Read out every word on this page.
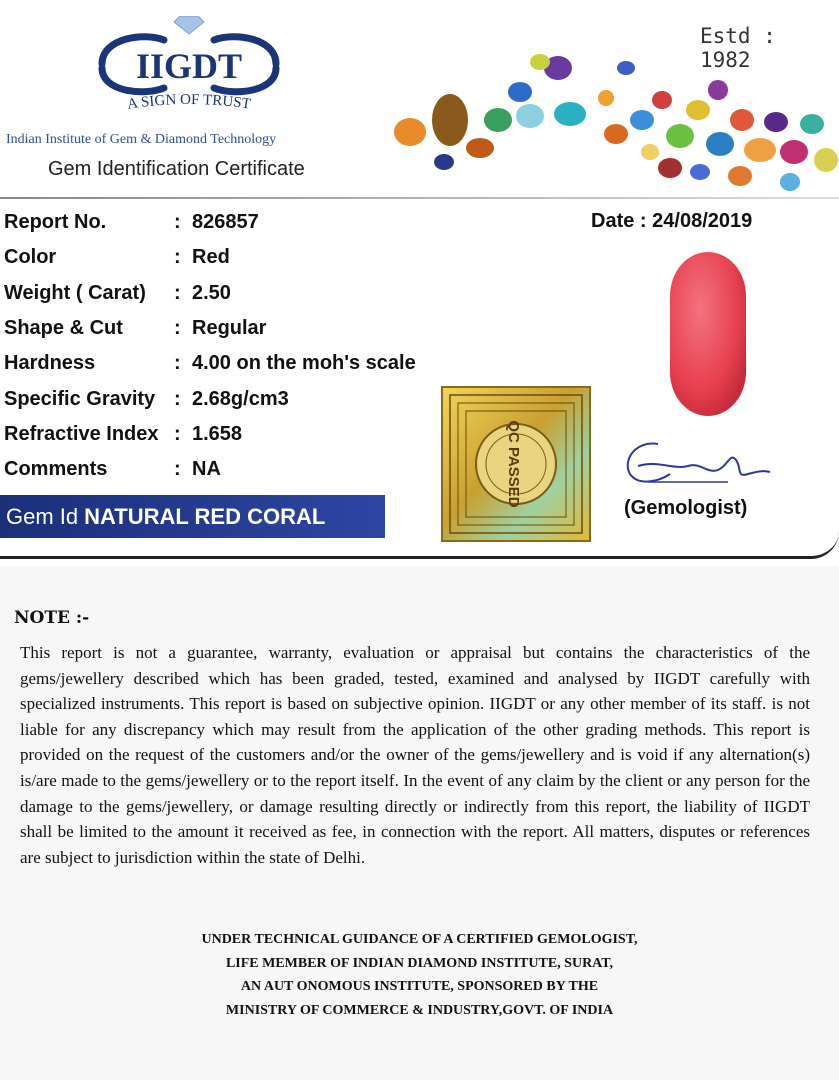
IIGDT
A SIGN OF TRUST
Indian Institute of Gem & Diamond Technology
Gem Identification Certificate
Estd : 1982
Date : 24/08/2019
Report No.	: 826857
Color	: Red
Weight ( Carat) : 2.50
Shape & Cut	: Regular
Hardness	: 4.00 on the moh's scale
Specific Gravity : 2.68g/cm3
Refractive Index : 1.658
Comments	: NA
Gem Id NATURAL RED CORAL
QC PASSED
(Gemologist)
NOTE :-

This report is not a guarantee, warranty, evaluation or appraisal but contains the characteristics of the gems/jewellery described which has been graded, tested, examined and analysed by IIGDT carefully with specialized instruments. This report is based on subjective opinion. IIGDT or any other member of its staff. is not liable for any discrepancy which may result from the application of the other grading methods. This report is provided on the request of the customers and/or the owner of the gems/jewellery and is void if any alternation(s) is/are made to the gems/jewellery or to the report itself. In the event of any claim by the client or any person for the damage to the gems/jewellery, or damage resulting directly or indirectly from this report, the liability of IIGDT shall be limited to the amount it received as fee, in connection with the report. All matters, disputes or references are subject to jurisdiction within the state of Delhi.

UNDER TECHNICAL GUIDANCE OF A CERTIFIED GEMOLOGIST,
LIFE MEMBER OF INDIAN DIAMOND INSTITUTE, SURAT,
AN AUT ONOMOUS INSTITUTE, SPONSORED BY THE
MINISTRY OF COMMERCE & INDUSTRY,GOVT. OF INDIA
